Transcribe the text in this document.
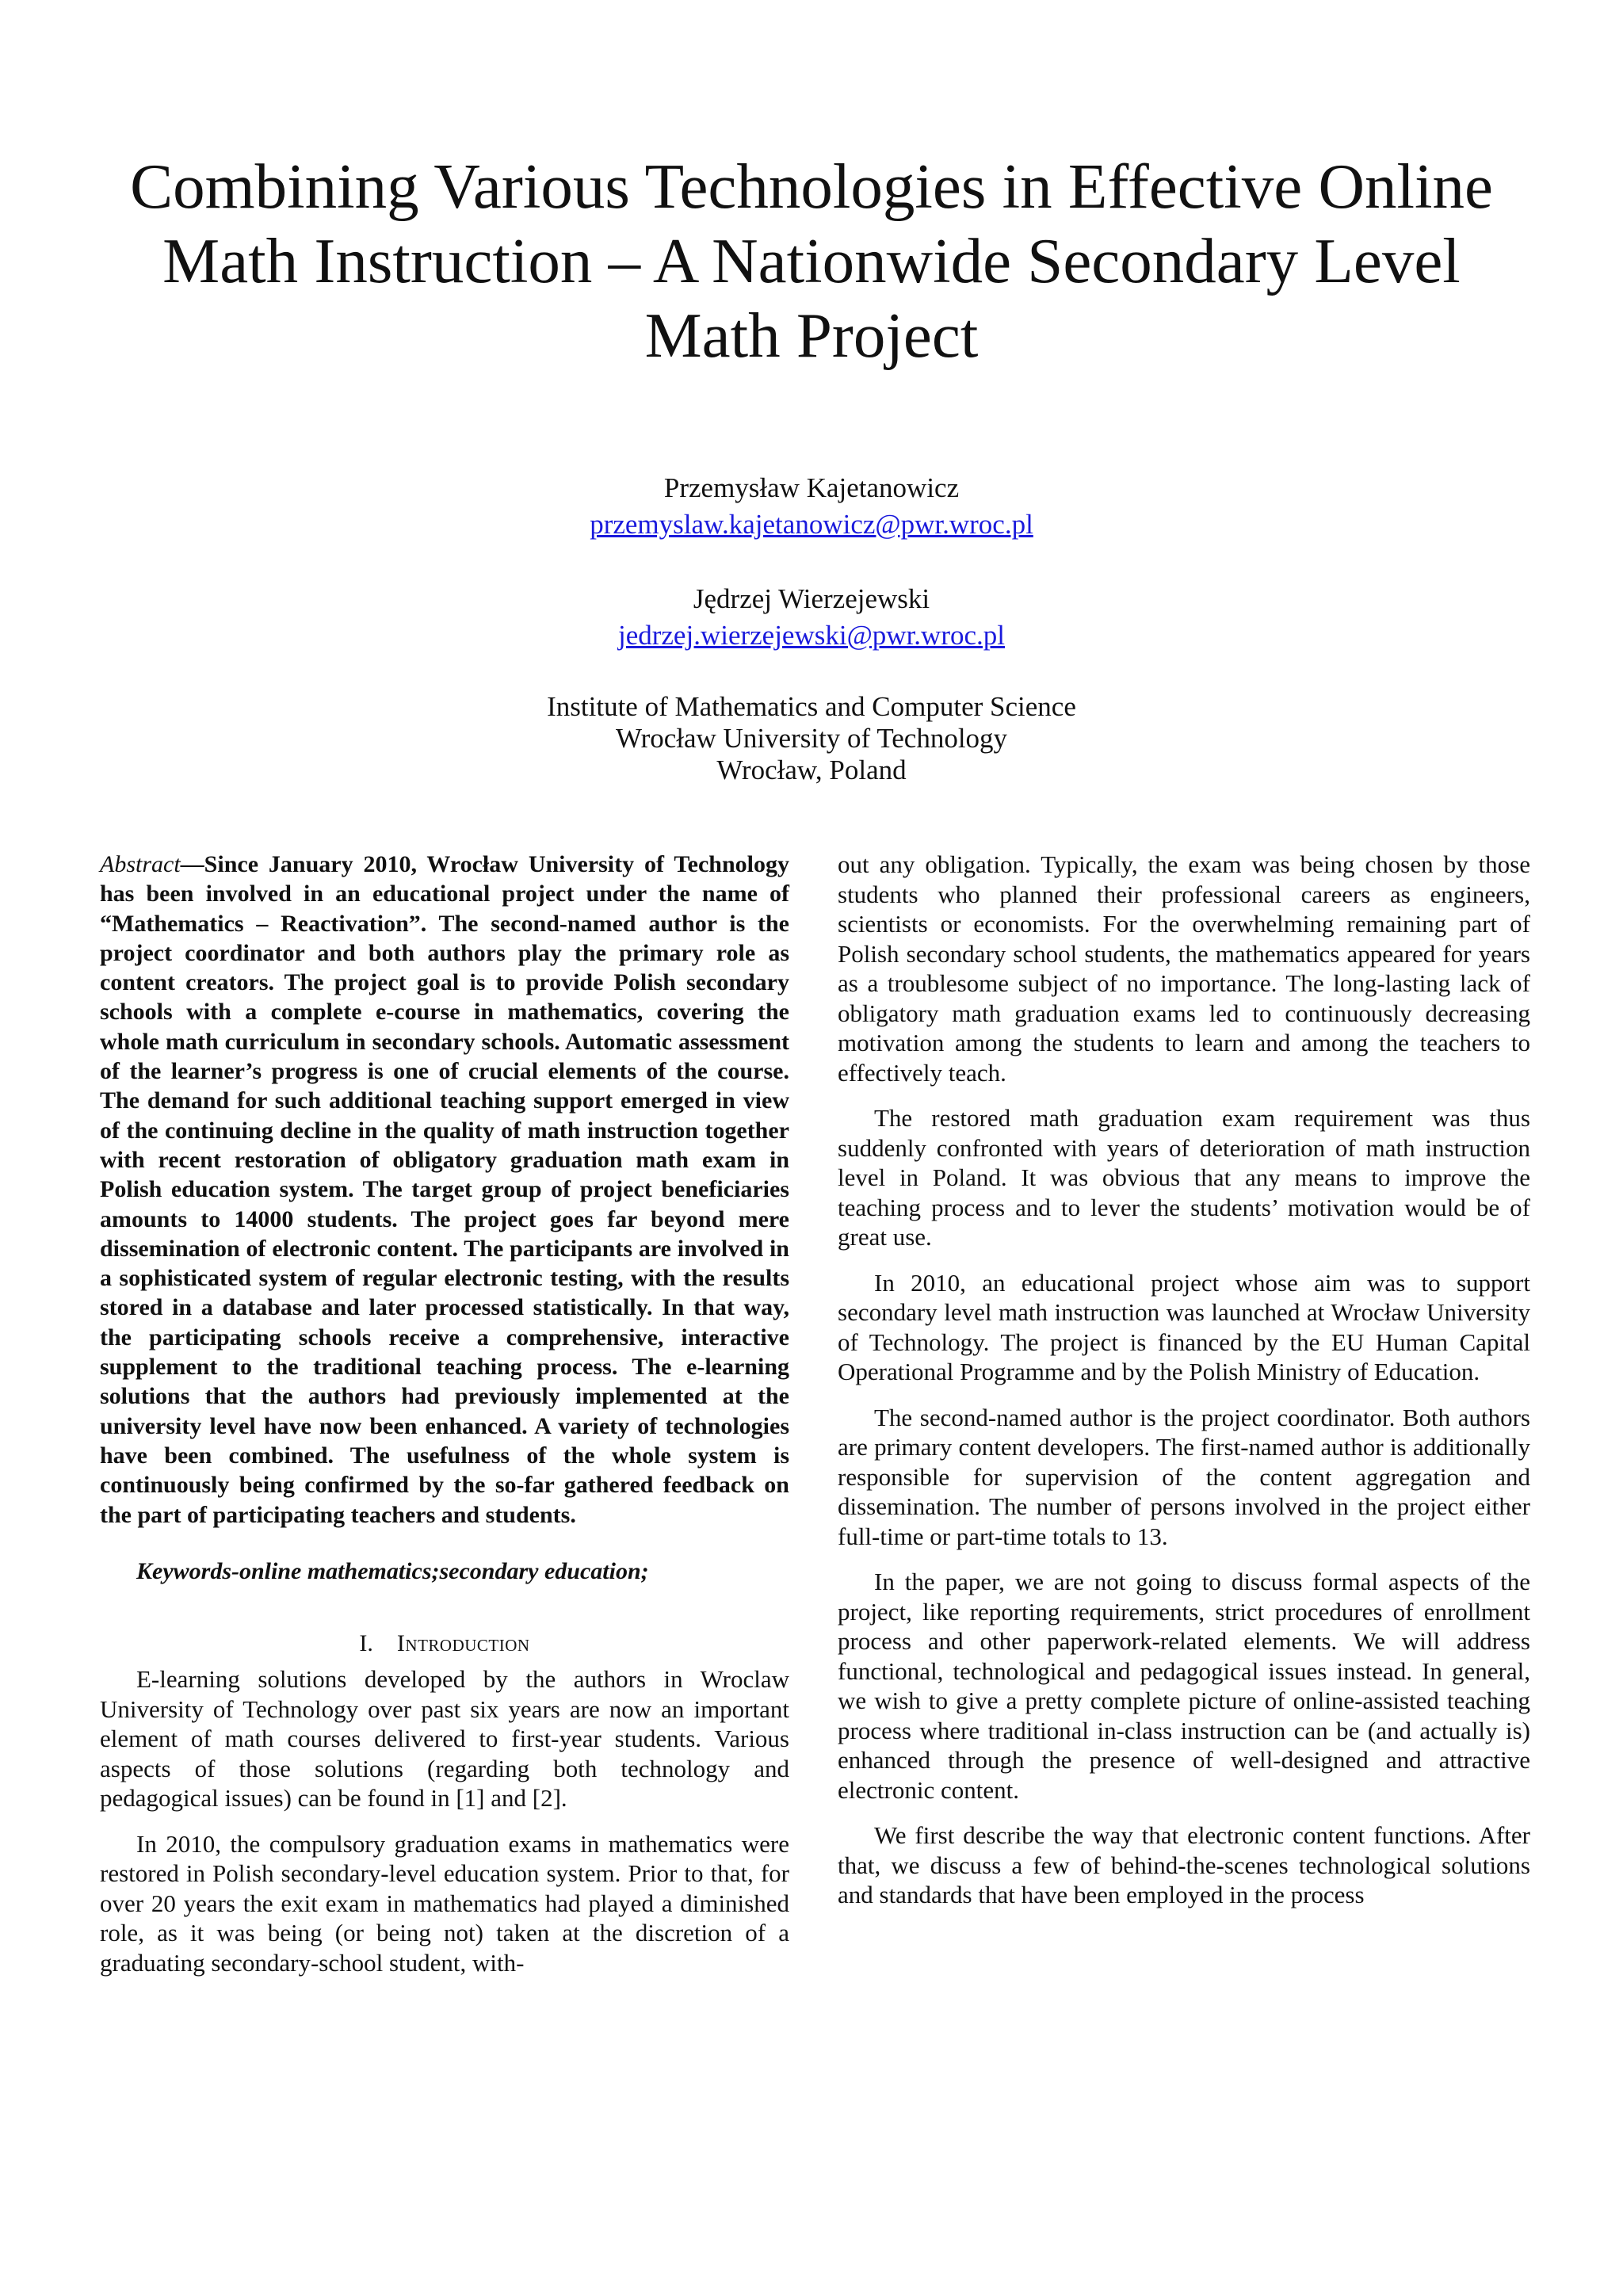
Combining Various Technologies in Effective Online
Math Instruction – A Nationwide Secondary Level
Math Project
Przemysław Kajetanowicz
przemyslaw.kajetanowicz@pwr.wroc.pl
Jędrzej Wierzejewski
jedrzej.wierzejewski@pwr.wroc.pl
Institute of Mathematics and Computer Science
Wrocław University of Technology
Wrocław, Poland

Abstract—Since January 2010, Wrocław University of Technology has been involved in an educational project under the name of “Mathematics – Reactivation”. The second-named author is the project coordinator and both authors play the primary role as content creators. The project goal is to provide Polish secondary schools with a complete e-course in mathematics, covering the whole math curriculum in secondary schools. Automatic assessment of the learner’s progress is one of crucial elements of the course. The demand for such additional teaching support emerged in view of the continuing decline in the quality of math instruction together with recent restoration of obligatory graduation math exam in Polish education system. The target group of project beneficiaries amounts to 14000 students. The project goes far beyond mere dissemination of electronic content. The participants are involved in a sophisticated system of regular electronic testing, with the results stored in a database and later processed statistically. In that way, the participating schools receive a comprehensive, interactive supplement to the traditional teaching process. The e-learning solutions that the authors had previously implemented at the university level have now been enhanced. A variety of technologies have been combined. The usefulness of the whole system is continuously being confirmed by the so-far gathered feedback on the part of participating teachers and students.

Keywords-online mathematics;secondary education;
I. Introduction

E-learning solutions developed by the authors in Wroclaw University of Technology over past six years are now an important element of math courses delivered to first-year students. Various aspects of those solutions (regarding both technology and pedagogical issues) can be found in [1] and [2].

In 2010, the compulsory graduation exams in mathematics were restored in Polish secondary-level education system. Prior to that, for over 20 years the exit exam in mathematics had played a diminished role, as it was being (or being not) taken at the discretion of a graduating secondary-school student, with-

out any obligation. Typically, the exam was being chosen by those students who planned their professional careers as engineers, scientists or economists. For the overwhelming remaining part of Polish secondary school students, the mathematics appeared for years as a troublesome subject of no importance. The long-lasting lack of obligatory math graduation exams led to continuously decreasing motivation among the students to learn and among the teachers to effectively teach.

The restored math graduation exam requirement was thus suddenly confronted with years of deterioration of math instruction level in Poland. It was obvious that any means to improve the teaching process and to lever the students’ motivation would be of great use.

In 2010, an educational project whose aim was to support secondary level math instruction was launched at Wrocław University of Technology. The project is financed by the EU Human Capital Operational Programme and by the Polish Ministry of Education.

The second-named author is the project coordinator. Both authors are primary content developers. The first-named author is additionally responsible for supervision of the content aggregation and dissemination. The number of persons involved in the project either full-time or part-time totals to 13.

In the paper, we are not going to discuss formal aspects of the project, like reporting requirements, strict procedures of enrollment process and other paperwork-related elements. We will address functional, technological and pedagogical issues instead. In general, we wish to give a pretty complete picture of online-assisted teaching process where traditional in-class instruction can be (and actually is) enhanced through the presence of well-designed and attractive electronic content.

We first describe the way that electronic content functions. After that, we discuss a few of behind-the-scenes technological solutions and standards that have been employed in the process
